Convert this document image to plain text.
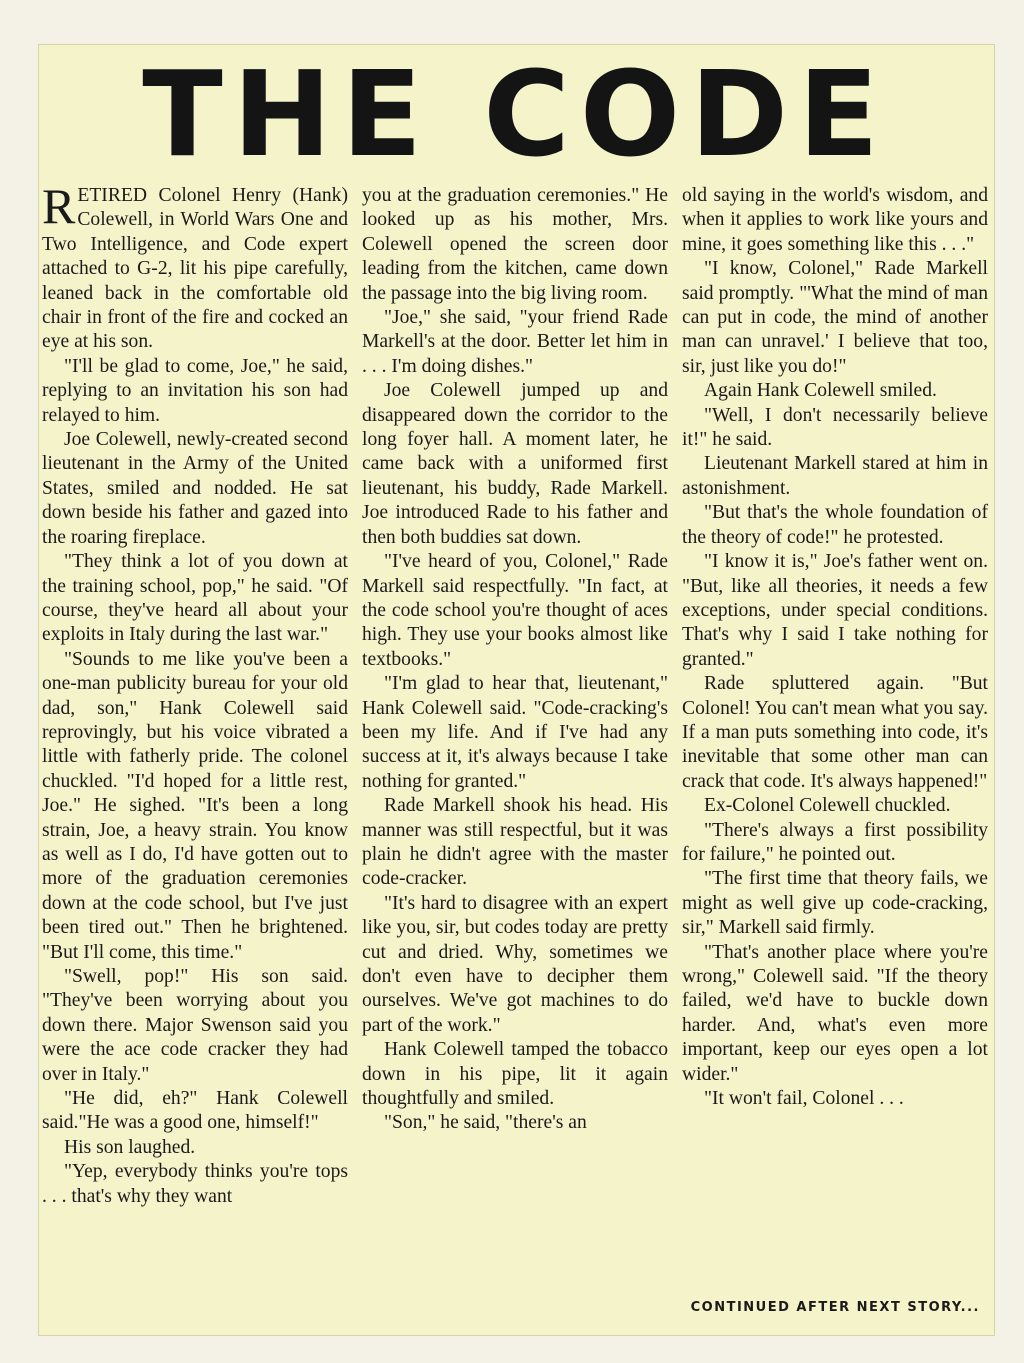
THE CODE

RETIRED Colonel Henry (Hank) Colewell, in World Wars One and Two Intelligence, and Code expert attached to G-2, lit his pipe carefully, leaned back in the comfortable old chair in front of the fire and cocked an eye at his son.

"I'll be glad to come, Joe," he said, replying to an invitation his son had relayed to him.

Joe Colewell, newly-created second lieutenant in the Army of the United States, smiled and nodded. He sat down beside his father and gazed into the roaring fireplace.

"They think a lot of you down at the training school, pop," he said. "Of course, they've heard all about your exploits in Italy during the last war."

"Sounds to me like you've been a one-man publicity bureau for your old dad, son," Hank Colewell said reprovingly, but his voice vibrated a little with fatherly pride. The colonel chuckled. "I'd hoped for a little rest, Joe." He sighed. "It's been a long strain, Joe, a heavy strain. You know as well as I do, I'd have gotten out to more of the graduation ceremonies down at the code school, but I've just been tired out." Then he brightened. "But I'll come, this time."

"Swell, pop!" His son said. "They've been worrying about you down there. Major Swenson said you were the ace code cracker they had over in Italy."

"He did, eh?" Hank Colewell said."He was a good one, himself!"

His son laughed.

"Yep, everybody thinks you're tops . . . that's why they want

you at the graduation ceremonies." He looked up as his mother, Mrs. Colewell opened the screen door leading from the kitchen, came down the passage into the big living room.

"Joe," she said, "your friend Rade Markell's at the door. Better let him in . . . I'm doing dishes."

Joe Colewell jumped up and disappeared down the corridor to the long foyer hall. A moment later, he came back with a uniformed first lieutenant, his buddy, Rade Markell. Joe introduced Rade to his father and then both buddies sat down.

"I've heard of you, Colonel," Rade Markell said respectfully. "In fact, at the code school you're thought of aces high. They use your books almost like textbooks."

"I'm glad to hear that, lieutenant," Hank Colewell said. "Code-cracking's been my life. And if I've had any success at it, it's always because I take nothing for granted."

Rade Markell shook his head. His manner was still respectful, but it was plain he didn't agree with the master code-cracker.

"It's hard to disagree with an expert like you, sir, but codes today are pretty cut and dried. Why, sometimes we don't even have to decipher them ourselves. We've got machines to do part of the work."

Hank Colewell tamped the tobacco down in his pipe, lit it again thoughtfully and smiled.

"Son," he said, "there's an

old saying in the world's wisdom, and when it applies to work like yours and mine, it goes something like this . . ."

"I know, Colonel," Rade Markell said promptly. "'What the mind of man can put in code, the mind of another man can unravel.' I believe that too, sir, just like you do!"

Again Hank Colewell smiled.

"Well, I don't necessarily believe it!" he said.

Lieutenant Markell stared at him in astonishment.

"But that's the whole foundation of the theory of code!" he protested.

"I know it is," Joe's father went on. "But, like all theories, it needs a few exceptions, under special conditions. That's why I said I take nothing for granted."

Rade spluttered again. "But Colonel! You can't mean what you say. If a man puts something into code, it's inevitable that some other man can crack that code. It's always happened!"

Ex-Colonel Colewell chuckled.

"There's always a first possibility for failure," he pointed out.

"The first time that theory fails, we might as well give up code-cracking, sir," Markell said firmly.

"That's another place where you're wrong," Colewell said. "If the theory failed, we'd have to buckle down harder. And, what's even more important, keep our eyes open a lot wider."

"It won't fail, Colonel . . .

CONTINUED AFTER NEXT STORY...
